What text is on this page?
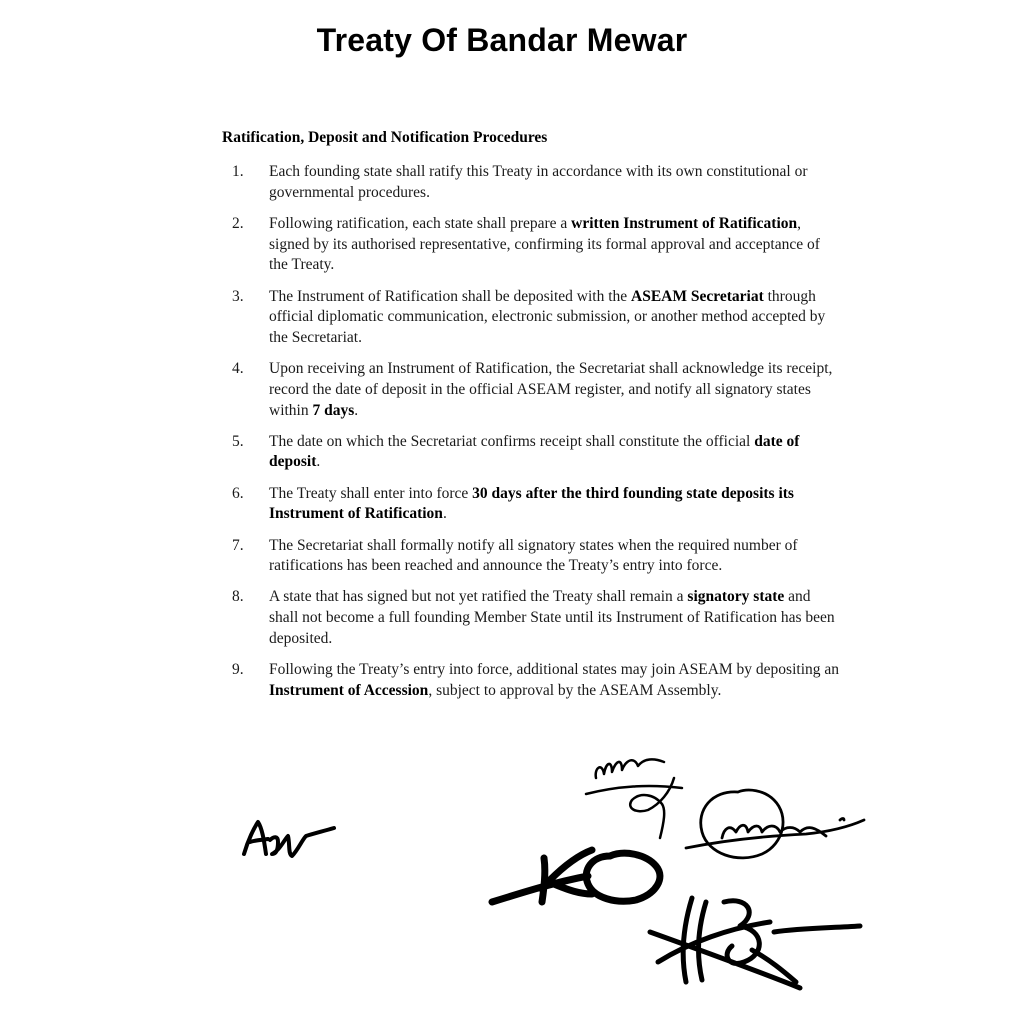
Treaty Of Bandar Mewar
Ratification, Deposit and Notification Procedures
1.	Each founding state shall ratify this Treaty in accordance with its own constitutional or governmental procedures.
2.	Following ratification, each state shall prepare a written Instrument of Ratification, signed by its authorised representative, confirming its formal approval and acceptance of the Treaty.
3.	The Instrument of Ratification shall be deposited with the ASEAM Secretariat through official diplomatic communication, electronic submission, or another method accepted by the Secretariat.
4.	Upon receiving an Instrument of Ratification, the Secretariat shall acknowledge its receipt, record the date of deposit in the official ASEAM register, and notify all signatory states within 7 days.
5.	The date on which the Secretariat confirms receipt shall constitute the official date of deposit.
6.	The Treaty shall enter into force 30 days after the third founding state deposits its Instrument of Ratification.
7.	The Secretariat shall formally notify all signatory states when the required number of ratifications has been reached and announce the Treaty’s entry into force.
8.	A state that has signed but not yet ratified the Treaty shall remain a signatory state and shall not become a full founding Member State until its Instrument of Ratification has been deposited.
9.	Following the Treaty’s entry into force, additional states may join ASEAM by depositing an Instrument of Accession, subject to approval by the ASEAM Assembly.
